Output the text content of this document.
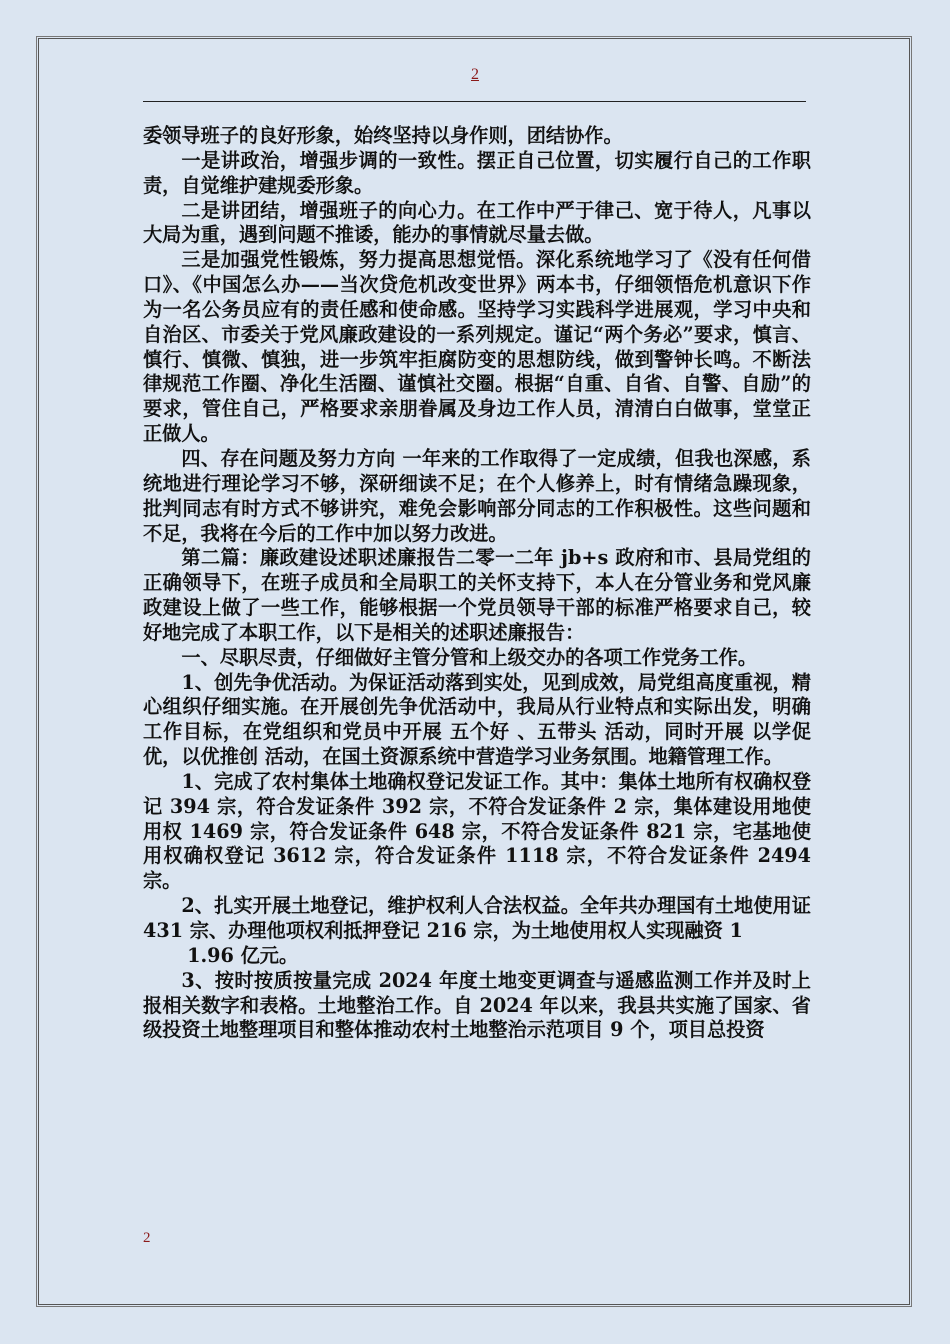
2

委领导班子的良好形象，始终坚持以身作则，团结协作。

一是讲政治，增强步调的一致性。摆正自己位置，切实履行自己的工作职责，自觉维护建规委形象。

二是讲团结，增强班子的向心力。在工作中严于律己、宽于待人，凡事以大局为重，遇到问题不推诿，能办的事情就尽量去做。

三是加强党性锻炼，努力提高思想觉悟。深化系统地学习了《没有任何借口》、《中国怎么办——当次贷危机改变世界》两本书，仔细领悟危机意识下作为一名公务员应有的责任感和使命感。坚持学习实践科学进展观，学习中央和自治区、市委关于党风廉政建设的一系列规定。谨记“两个务必”要求，慎言、慎行、慎微、慎独，进一步筑牢拒腐防变的思想防线，做到警钟长鸣。不断法律规范工作圈、净化生活圈、谨慎社交圈。根据“自重、自省、自警、自励”的要求，管住自己，严格要求亲朋眷属及身边工作人员，清清白白做事，堂堂正正做人。

四、存在问题及努力方向 一年来的工作取得了一定成绩，但我也深感，系统地进行理论学习不够，深研细读不足；在个人修养上，时有情绪急躁现象，批判同志有时方式不够讲究，难免会影响部分同志的工作积极性。这些问题和不足，我将在今后的工作中加以努力改进。

第二篇：廉政建设述职述廉报告二零一二年 jb+s 政府和市、县局党组的正确领导下，在班子成员和全局职工的关怀支持下，本人在分管业务和党风廉政建设上做了一些工作，能够根据一个党员领导干部的标准严格要求自己，较好地完成了本职工作，以下是相关的述职述廉报告：

一、尽职尽责，仔细做好主管分管和上级交办的各项工作党务工作。

1、创先争优活动。为保证活动落到实处，见到成效，局党组高度重视，精心组织仔细实施。在开展创先争优活动中，我局从行业特点和实际出发，明确工作目标，在党组织和党员中开展 五个好 、五带头 活动，同时开展 以学促优，以优推创 活动，在国土资源系统中营造学习业务氛围。地籍管理工作。

1、完成了农村集体土地确权登记发证工作。其中：集体土地所有权确权登记 394 宗，符合发证条件 392 宗，不符合发证条件 2 宗，集体建设用地使用权 1469 宗，符合发证条件 648 宗，不符合发证条件 821 宗，宅基地使用权确权登记 3612 宗，符合发证条件 1118 宗，不符合发证条件 2494 宗。

2、扎实开展土地登记，维护权利人合法权益。全年共办理国有土地使用证 431 宗、办理他项权利抵押登记 216 宗，为土地使用权人实现融资 1

1.96 亿元。

3、按时按质按量完成 2024 年度土地变更调查与遥感监测工作并及时上报相关数字和表格。土地整治工作。自 2024 年以来，我县共实施了国家、省级投资土地整理项目和整体推动农村土地整治示范项目 9 个，项目总投资

2
